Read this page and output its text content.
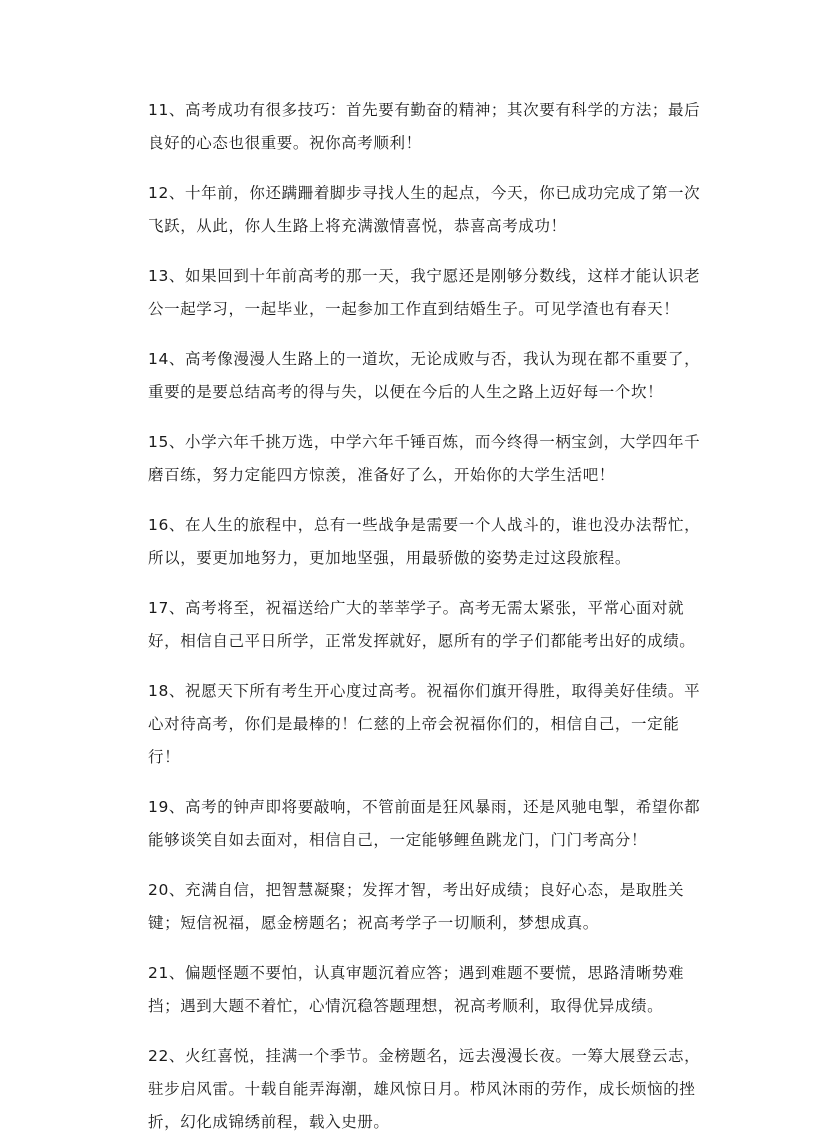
11、高考成功有很多技巧：首先要有勤奋的精神；其次要有科学的方法；最后良好的心态也很重要。祝你高考顺利！

12、十年前，你还蹒跚着脚步寻找人生的起点，今天，你已成功完成了第一次飞跃，从此，你人生路上将充满激情喜悦，恭喜高考成功！

13、如果回到十年前高考的那一天，我宁愿还是刚够分数线，这样才能认识老公一起学习，一起毕业，一起参加工作直到结婚生子。可见学渣也有春天！

14、高考像漫漫人生路上的一道坎，无论成败与否，我认为现在都不重要了，重要的是要总结高考的得与失，以便在今后的人生之路上迈好每一个坎！

15、小学六年千挑万选，中学六年千锤百炼，而今终得一柄宝剑，大学四年千磨百练，努力定能四方惊羡，准备好了么，开始你的大学生活吧！

16、在人生的旅程中，总有一些战争是需要一个人战斗的，谁也没办法帮忙，所以，要更加地努力，更加地坚强，用最骄傲的姿势走过这段旅程。

17、高考将至，祝福送给广大的莘莘学子。高考无需太紧张，平常心面对就好，相信自己平日所学，正常发挥就好，愿所有的学子们都能考出好的成绩。

18、祝愿天下所有考生开心度过高考。祝福你们旗开得胜，取得美好佳绩。平心对待高考，你们是最棒的！仁慈的上帝会祝福你们的，相信自己，一定能行！

19、高考的钟声即将要敲响，不管前面是狂风暴雨，还是风驰电掣，希望你都能够谈笑自如去面对，相信自己，一定能够鲤鱼跳龙门，门门考高分！

20、充满自信，把智慧凝聚；发挥才智，考出好成绩；良好心态，是取胜关键；短信祝福，愿金榜题名；祝高考学子一切顺利，梦想成真。

21、偏题怪题不要怕，认真审题沉着应答；遇到难题不要慌，思路清晰势难挡；遇到大题不着忙，心情沉稳答题理想，祝高考顺利，取得优异成绩。

22、火红喜悦，挂满一个季节。金榜题名，远去漫漫长夜。一筹大展登云志，驻步启风雷。十载自能弄海潮，雄风惊日月。栉风沐雨的劳作，成长烦恼的挫折，幻化成锦绣前程，载入史册。
